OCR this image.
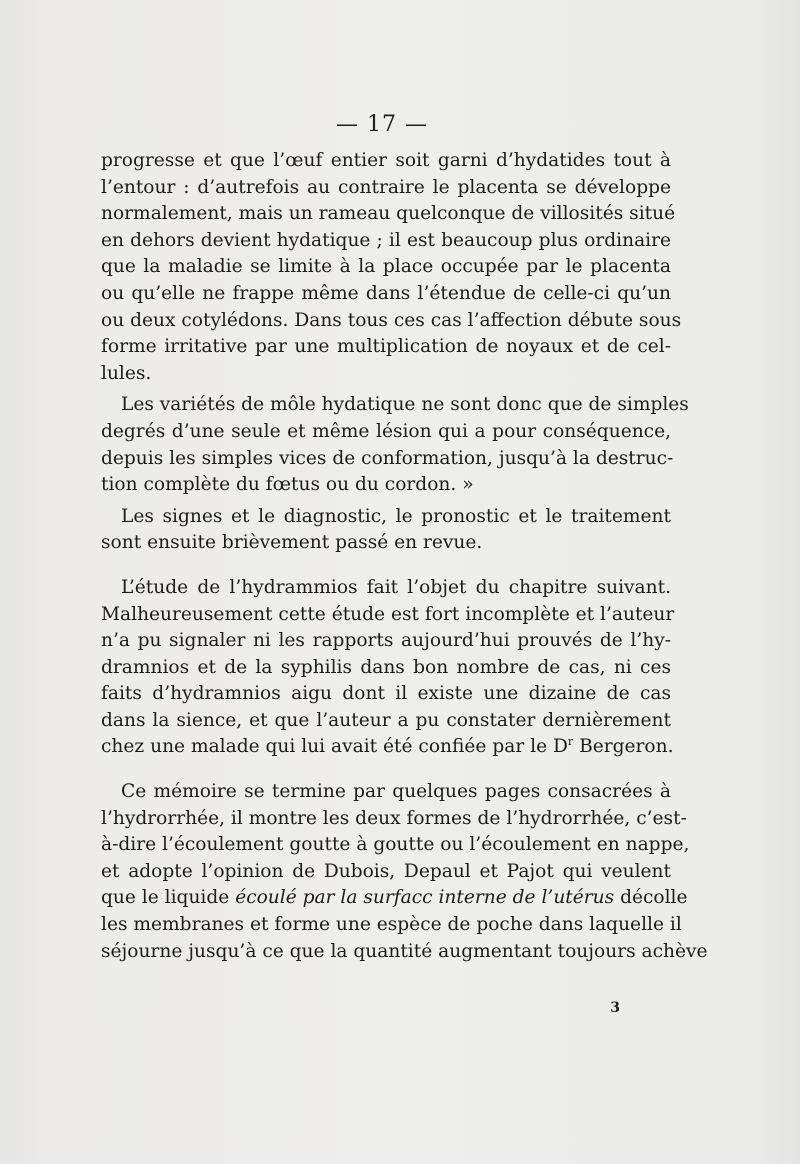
— 17 —
progresse et que l’œuf entier soit garni d’hydatides tout à
l’entour : d’autrefois au contraire le placenta se développe
normalement, mais un rameau quelconque de villosités situé
en dehors devient hydatique ; il est beaucoup plus ordinaire
que la maladie se limite à la place occupée par le placenta
ou qu’elle ne frappe même dans l’étendue de celle-ci qu’un
ou deux cotylédons. Dans tous ces cas l’affection débute sous
forme irritative par une multiplication de noyaux et de cel-
lules.
Les variétés de môle hydatique ne sont donc que de simples
degrés d’une seule et même lésion qui a pour conséquence,
depuis les simples vices de conformation, jusqu’à la destruc-
tion complète du fœtus ou du cordon. »
Les signes et le diagnostic, le pronostic et le traitement
sont ensuite brièvement passé en revue.
L’étude de l’hydrammios fait l’objet du chapitre suivant.
Malheureusement cette étude est fort incomplète et l’auteur
n’a pu signaler ni les rapports aujourd’hui prouvés de l’hy-
dramnios et de la syphilis dans bon nombre de cas, ni ces
faits d’hydramnios aigu dont il existe une dizaine de cas
dans la sience, et que l’auteur a pu constater dernièrement
chez une malade qui lui avait été confiée par le $D^r$ Bergeron.
Ce mémoire se termine par quelques pages consacrées à
l’hydrorrhée, il montre les deux formes de l’hydrorrhée, c’est-
à-dire l’écoulement goutte à goutte ou l’écoulement en nappe,
et adopte l’opinion de Dubois, Depaul et Pajot qui veulent
que le liquide écoulé par la surfacc interne de l’utérus décolle
les membranes et forme une espèce de poche dans laquelle il
séjourne jusqu’à ce que la quantité augmentant toujours achève
3
